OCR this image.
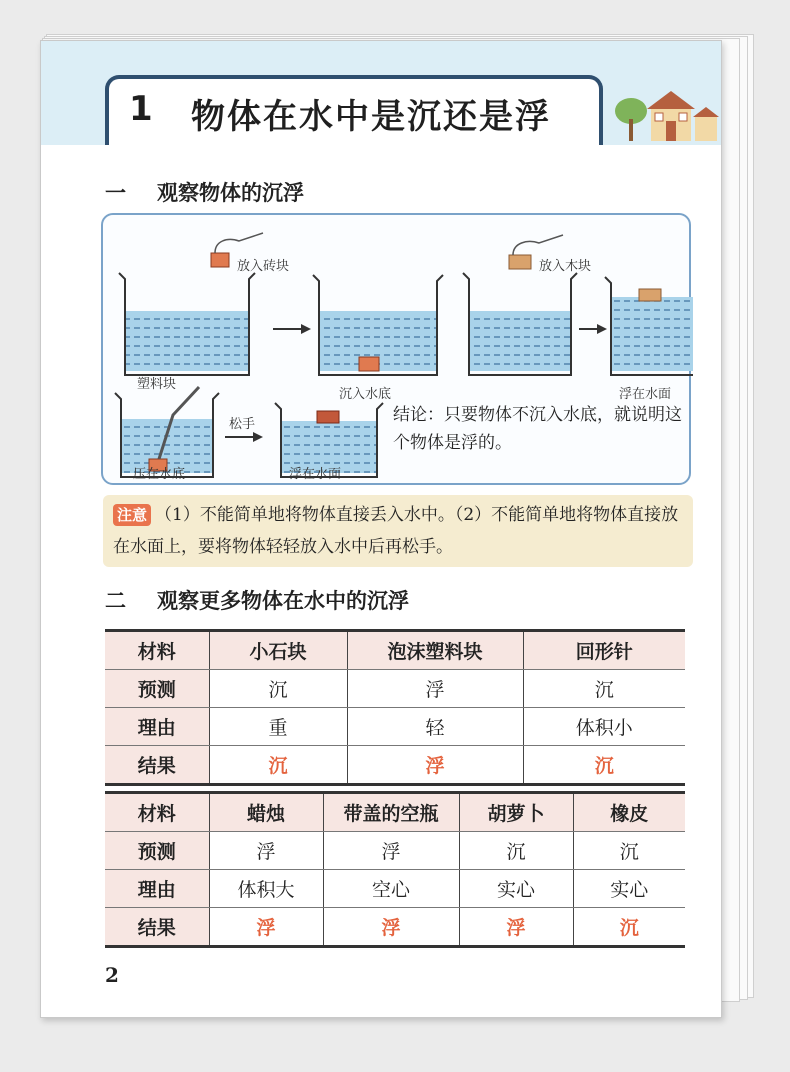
1 物体在水中是沉还是浮
一 观察物体的沉浮
放入砖块
沉入水底
放入木块
浮在水面
塑料块
松手
压在水底	浮在水面
结论：只要物体不沉入水底，就说明这个物体是浮的。
注意 （1）不能简单地将物体直接丢入水中。（2）不能简单地将物体直接放在水面上，要将物体轻轻放入水中后再松手。
二 观察更多物体在水中的沉浮
材料	小石块	泡沫塑料块	回形针
预测	沉	浮	沉
理由	重	轻	体积小
结果	沉	浮	沉
材料	蜡烛	带盖的空瓶	胡萝卜	橡皮
预测	浮	浮	沉	沉
理由	体积大	空心	实心	实心
结果	浮	浮	浮	沉
2
